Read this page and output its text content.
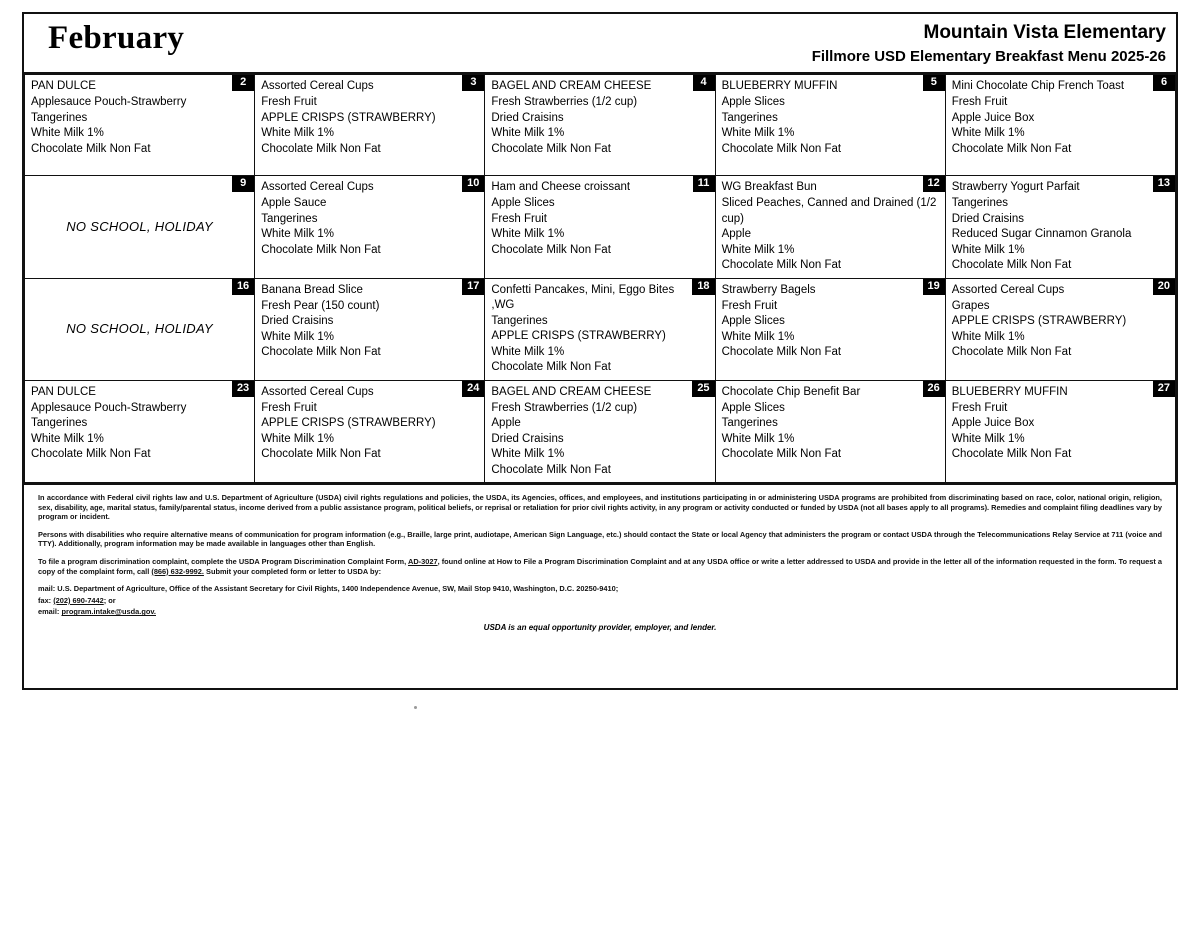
February	Mountain Vista Elementary
Fillmore USD Elementary Breakfast Menu 2025-26
2
PAN DULCE
Applesauce Pouch-Strawberry
Tangerines
White Milk 1%
Chocolate Milk Non Fat

3
Assorted Cereal Cups
Fresh Fruit
APPLE CRISPS (STRAWBERRY)
White Milk 1%
Chocolate Milk Non Fat

4
BAGEL AND CREAM CHEESE
Fresh Strawberries (1/2 cup)
Dried Craisins
White Milk 1%
Chocolate Milk Non Fat

5
BLUEBERRY MUFFIN
Apple Slices
Tangerines
White Milk 1%
Chocolate Milk Non Fat

6
Mini Chocolate Chip French Toast
Fresh Fruit
Apple Juice Box
White Milk 1%
Chocolate Milk Non Fat

9
NO SCHOOL, HOLIDAY

10
Assorted Cereal Cups
Apple Sauce
Tangerines
White Milk 1%
Chocolate Milk Non Fat

11
Ham and Cheese croissant
Apple Slices
Fresh Fruit
White Milk 1%
Chocolate Milk Non Fat

12
WG Breakfast Bun
Sliced Peaches, Canned and Drained (1/2 cup)
Apple
White Milk 1%
Chocolate Milk Non Fat

13
Strawberry Yogurt Parfait
Tangerines
Dried Craisins
Reduced Sugar Cinnamon Granola
White Milk 1%
Chocolate Milk Non Fat

16
NO SCHOOL, HOLIDAY

17
Banana Bread Slice
Fresh Pear (150 count)
Dried Craisins
White Milk 1%
Chocolate Milk Non Fat

18
Confetti Pancakes, Mini, Eggo Bites ,WG
Tangerines
APPLE CRISPS (STRAWBERRY)
White Milk 1%
Chocolate Milk Non Fat

19
Strawberry Bagels
Fresh Fruit
Apple Slices
White Milk 1%
Chocolate Milk Non Fat

20
Assorted Cereal Cups
Grapes
APPLE CRISPS (STRAWBERRY)
White Milk 1%
Chocolate Milk Non Fat

23
PAN DULCE
Applesauce Pouch-Strawberry
Tangerines
White Milk 1%
Chocolate Milk Non Fat

24
Assorted Cereal Cups
Fresh Fruit
APPLE CRISPS (STRAWBERRY)
White Milk 1%
Chocolate Milk Non Fat

25
BAGEL AND CREAM CHEESE
Fresh Strawberries (1/2 cup)
Apple
Dried Craisins
White Milk 1%
Chocolate Milk Non Fat

26
Chocolate Chip Benefit Bar
Apple Slices
Tangerines
White Milk 1%
Chocolate Milk Non Fat

27
BLUEBERRY MUFFIN
Fresh Fruit
Apple Juice Box
White Milk 1%
Chocolate Milk Non Fat

In accordance with Federal civil rights law and U.S. Department of Agriculture (USDA) civil rights regulations and policies, the USDA, its Agencies, offices, and employees, and institutions participating in or administering USDA programs are prohibited from discriminating based on race, color, national origin, religion, sex, disability, age, marital status, family/parental status, income derived from a public assistance program, political beliefs, or reprisal or retaliation for prior civil rights activity, in any program or activity conducted or funded by USDA (not all bases apply to all programs). Remedies and complaint filing deadlines vary by program or incident.

Persons with disabilities who require alternative means of communication for program information (e.g., Braille, large print, audiotape, American Sign Language, etc.) should contact the State or local Agency that administers the program or contact USDA through the Telecommunications Relay Service at 711 (voice and TTY). Additionally, program information may be made available in languages other than English.

To file a program discrimination complaint, complete the USDA Program Discrimination Complaint Form, AD-3027, found online at How to File a Program Discrimination Complaint and at any USDA office or write a letter addressed to USDA and provide in the letter all of the information requested in the form. To request a copy of the complaint form, call (866) 632-9992. Submit your completed form or letter to USDA by:

mail: U.S. Department of Agriculture, Office of the Assistant Secretary for Civil Rights, 1400 Independence Avenue, SW, Mail Stop 9410, Washington, D.C. 20250-9410;

fax: (202) 690-7442; or

email: program.intake@usda.gov.

USDA is an equal opportunity provider, employer, and lender.
